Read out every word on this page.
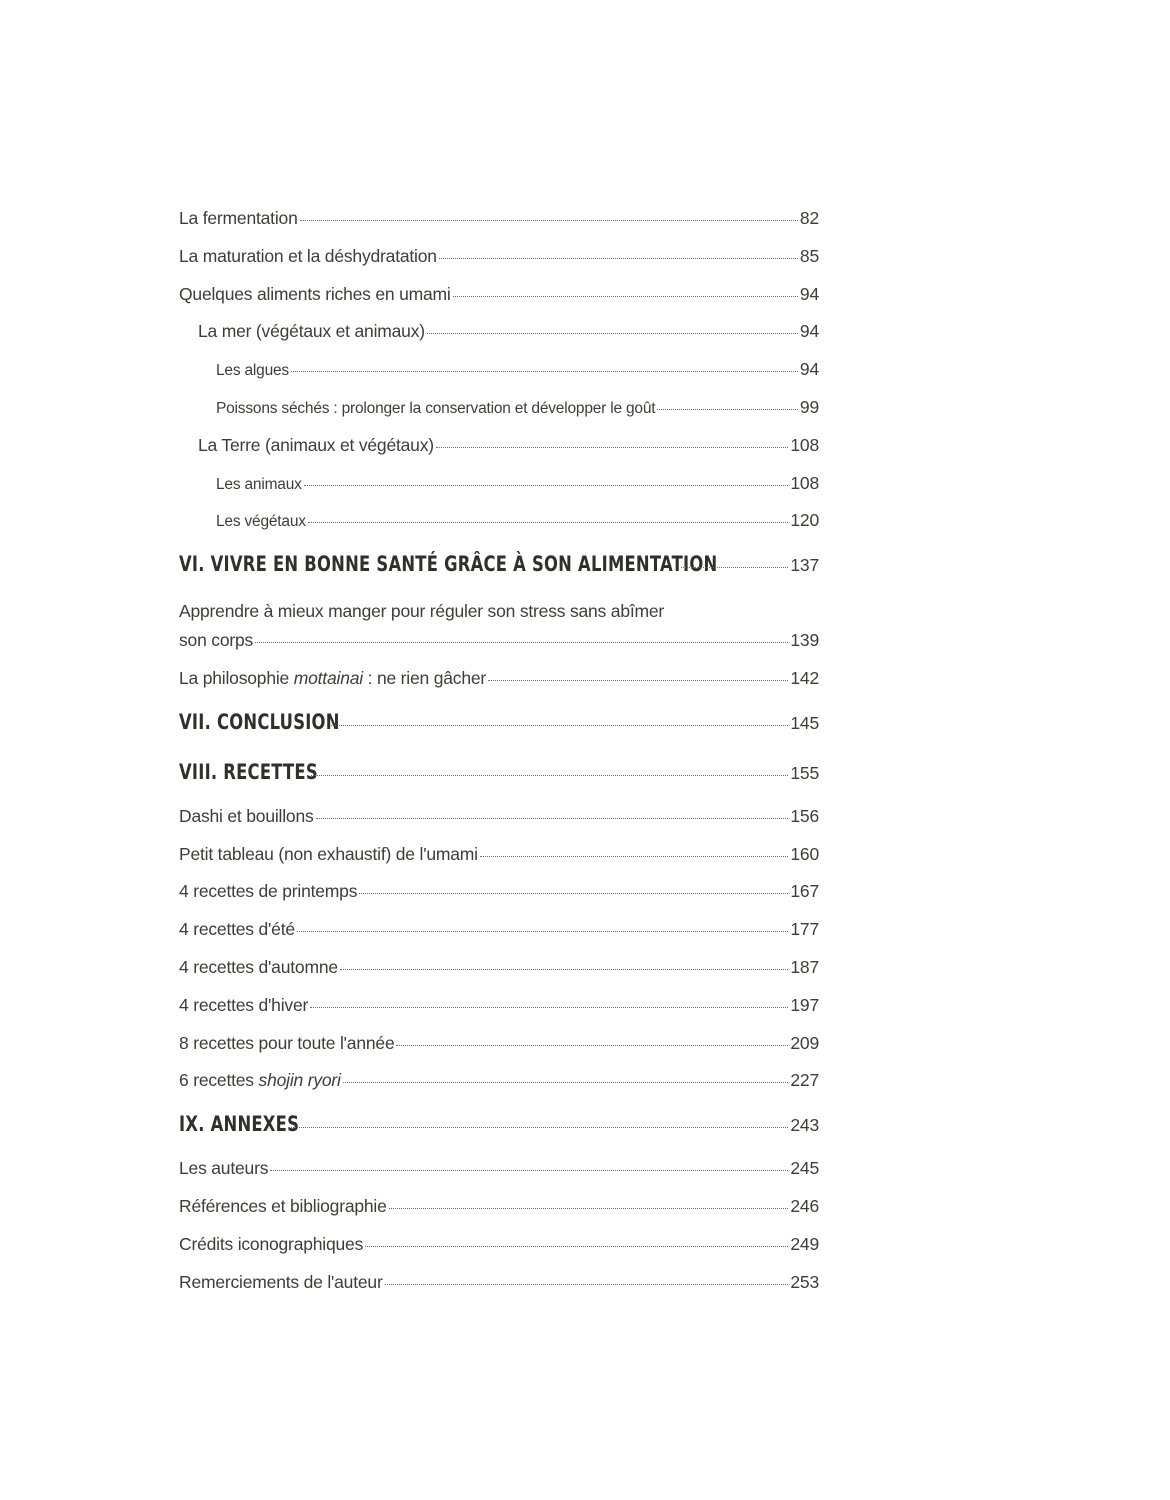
La fermentation	82
La maturation et la déshydratation	85
Quelques aliments riches en umami	94
La mer (végétaux et animaux)	94
Les algues	94
Poissons séchés : prolonger la conservation et développer le goût	99
La Terre (animaux et végétaux)	108
Les animaux	108
Les végétaux	120
VI. VIVRE EN BONNE SANTÉ GRÂCE À SON ALIMENTATION	137
Apprendre à mieux manger pour réguler son stress sans abîmer
son corps	139
La philosophie mottainai : ne rien gâcher	142
VII. CONCLUSION	145
VIII. RECETTES	155
Dashi et bouillons	156
Petit tableau (non exhaustif) de l'umami	160
4 recettes de printemps	167
4 recettes d'été	177
4 recettes d'automne	187
4 recettes d'hiver	197
8 recettes pour toute l'année	209
6 recettes shojin ryori	227
IX. ANNEXES	243
Les auteurs	245
Références et bibliographie	246
Crédits iconographiques	249
Remerciements de l'auteur	253
